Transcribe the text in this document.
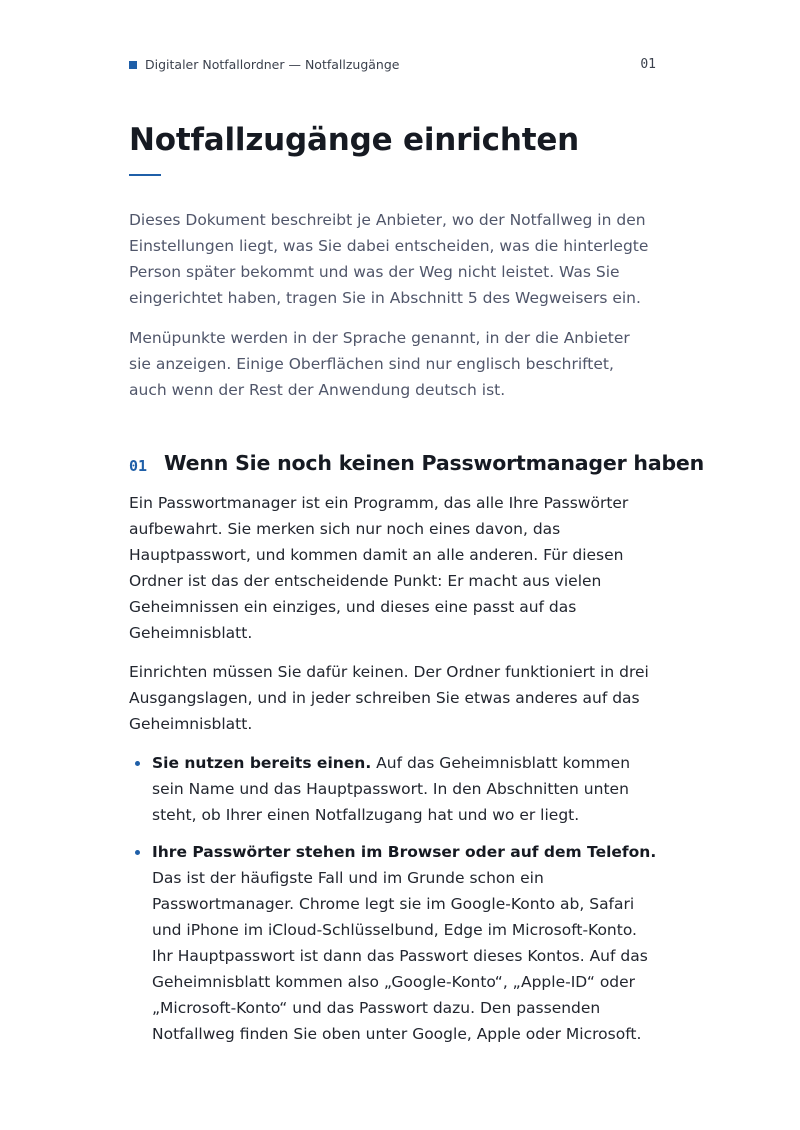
Digitaler Notfallordner — Notfallzugänge	01
Notfallzugänge einrichten

Dieses Dokument beschreibt je Anbieter, wo der Notfallweg in den Einstellungen liegt, was Sie dabei entscheiden, was die hinterlegte Person später bekommt und was der Weg nicht leistet. Was Sie eingerichtet haben, tragen Sie in Abschnitt 5 des Wegweisers ein.

Menüpunkte werden in der Sprache genannt, in der die Anbieter sie anzeigen. Einige Oberflächen sind nur englisch beschriftet, auch wenn der Rest der Anwendung deutsch ist.

01 Wenn Sie noch keinen Passwortmanager haben

Ein Passwortmanager ist ein Programm, das alle Ihre Passwörter aufbewahrt. Sie merken sich nur noch eines davon, das Hauptpasswort, und kommen damit an alle anderen. Für diesen Ordner ist das der entscheidende Punkt: Er macht aus vielen Geheimnissen ein einziges, und dieses eine passt auf das Geheimnisblatt.

Einrichten müssen Sie dafür keinen. Der Ordner funktioniert in drei Ausgangslagen, und in jeder schreiben Sie etwas anderes auf das Geheimnisblatt.

Sie nutzen bereits einen. Auf das Geheimnisblatt kommen sein Name und das Hauptpasswort. In den Abschnitten unten steht, ob Ihrer einen Notfallzugang hat und wo er liegt.
Ihre Passwörter stehen im Browser oder auf dem Telefon. Das ist der häufigste Fall und im Grunde schon ein Passwortmanager. Chrome legt sie im Google-Konto ab, Safari und iPhone im iCloud-Schlüsselbund, Edge im Microsoft-Konto. Ihr Hauptpasswort ist dann das Passwort dieses Kontos. Auf das Geheimnisblatt kommen also „Google-Konto“, „Apple-ID“ oder „Microsoft-Konto“ und das Passwort dazu. Den passenden Notfallweg finden Sie oben unter Google, Apple oder Microsoft.
